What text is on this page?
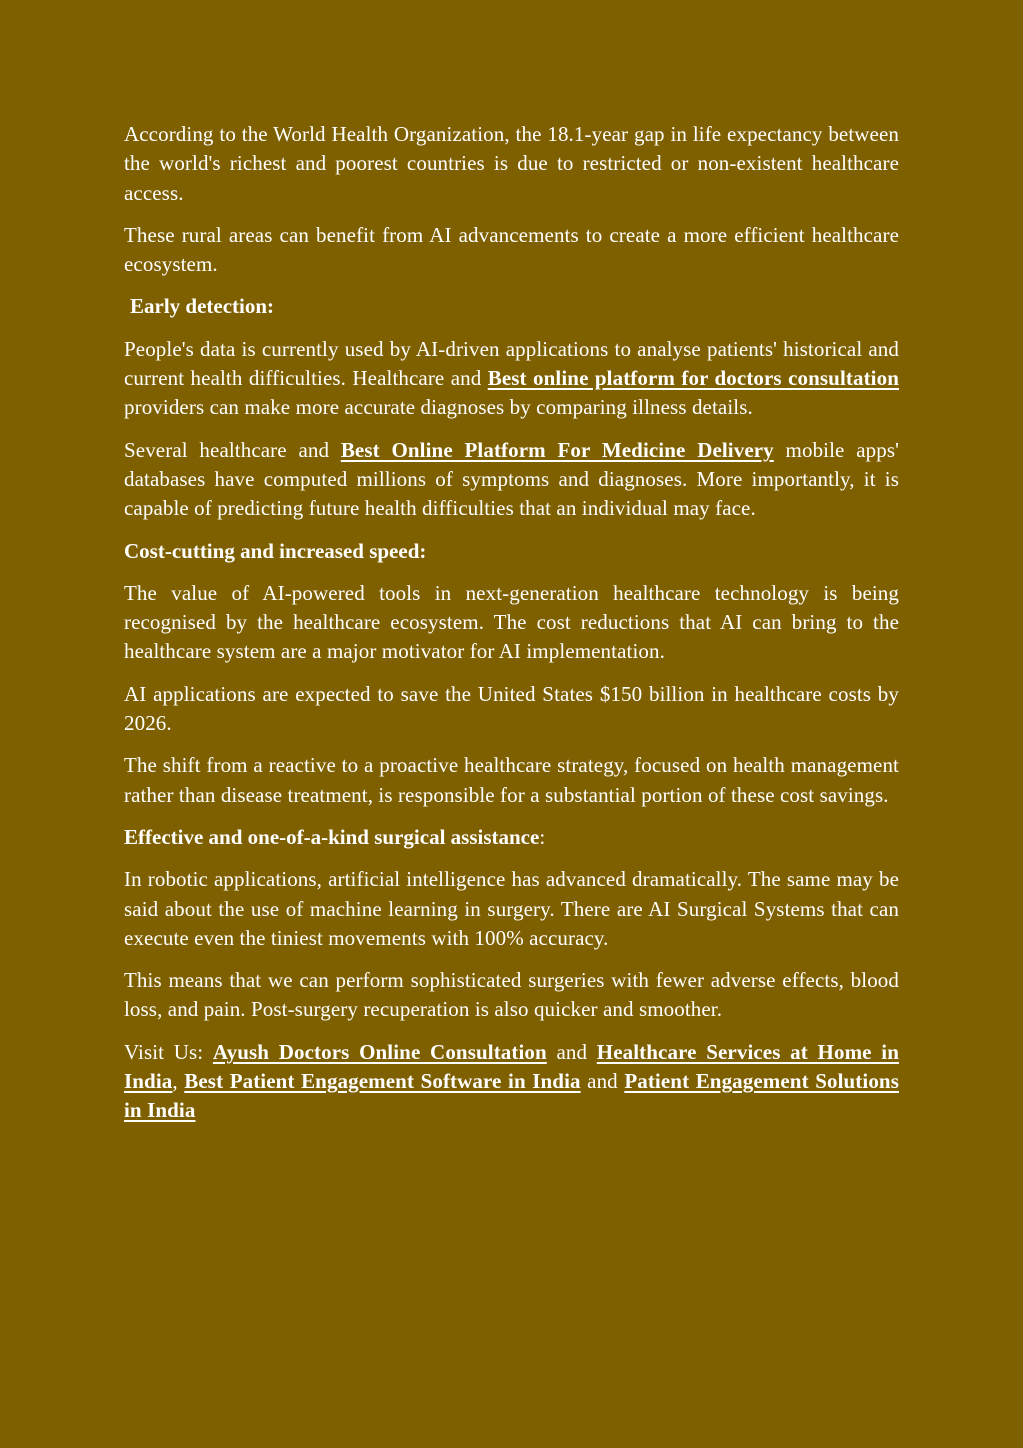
According to the World Health Organization, the 18.1-year gap in life expectancy between the world's richest and poorest countries is due to restricted or non-existent healthcare access.

These rural areas can benefit from AI advancements to create a more efficient healthcare ecosystem.

Early detection:

People's data is currently used by AI-driven applications to analyse patients' historical and current health difficulties. Healthcare and Best online platform for doctors consultation providers can make more accurate diagnoses by comparing illness details.

Several healthcare and Best Online Platform For Medicine Delivery mobile apps' databases have computed millions of symptoms and diagnoses. More importantly, it is capable of predicting future health difficulties that an individual may face.

Cost-cutting and increased speed:

The value of AI-powered tools in next-generation healthcare technology is being recognised by the healthcare ecosystem. The cost reductions that AI can bring to the healthcare system are a major motivator for AI implementation.

AI applications are expected to save the United States $150 billion in healthcare costs by 2026.

The shift from a reactive to a proactive healthcare strategy, focused on health management rather than disease treatment, is responsible for a substantial portion of these cost savings.

Effective and one-of-a-kind surgical assistance:

In robotic applications, artificial intelligence has advanced dramatically. The same may be said about the use of machine learning in surgery. There are AI Surgical Systems that can execute even the tiniest movements with 100% accuracy.

This means that we can perform sophisticated surgeries with fewer adverse effects, blood loss, and pain. Post-surgery recuperation is also quicker and smoother.

Visit Us: Ayush Doctors Online Consultation and Healthcare Services at Home in India, Best Patient Engagement Software in India and Patient Engagement Solutions in India
